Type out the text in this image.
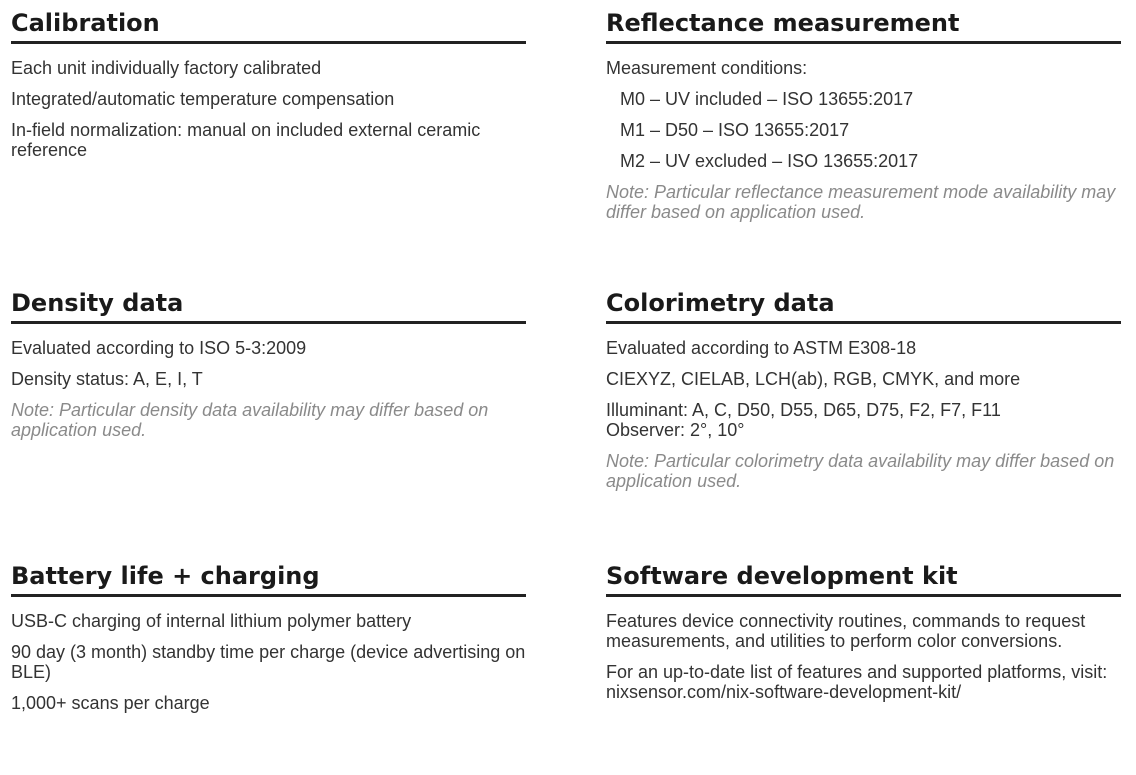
Calibration

Each unit individually factory calibrated

Integrated/automatic temperature compensation

In-field normalization: manual on included external ceramic reference

Density data

Evaluated according to ISO 5-3:2009

Density status: A, E, I, T

Note: Particular density data availability may differ based on application used.

Battery life + charging

USB-C charging of internal lithium polymer battery

90 day (3 month) standby time per charge (device advertising on BLE)

1,000+ scans per charge

Reflectance measurement

Measurement conditions:

M0 – UV included – ISO 13655:2017

M1 – D50 – ISO 13655:2017

M2 – UV excluded – ISO 13655:2017

Note: Particular reflectance measurement mode availability may differ based on application used.

Colorimetry data

Evaluated according to ASTM E308-18

CIEXYZ, CIELAB, LCH(ab), RGB, CMYK, and more

Illuminant: A, C, D50, D55, D65, D75, F2, F7, F11

Observer: 2°, 10°

Note: Particular colorimetry data availability may differ based on application used.

Software development kit

Features device connectivity routines, commands to request measurements, and utilities to perform color conversions.

For an up-to-date list of features and supported platforms, visit:

nixsensor.com/nix-software-development-kit/
